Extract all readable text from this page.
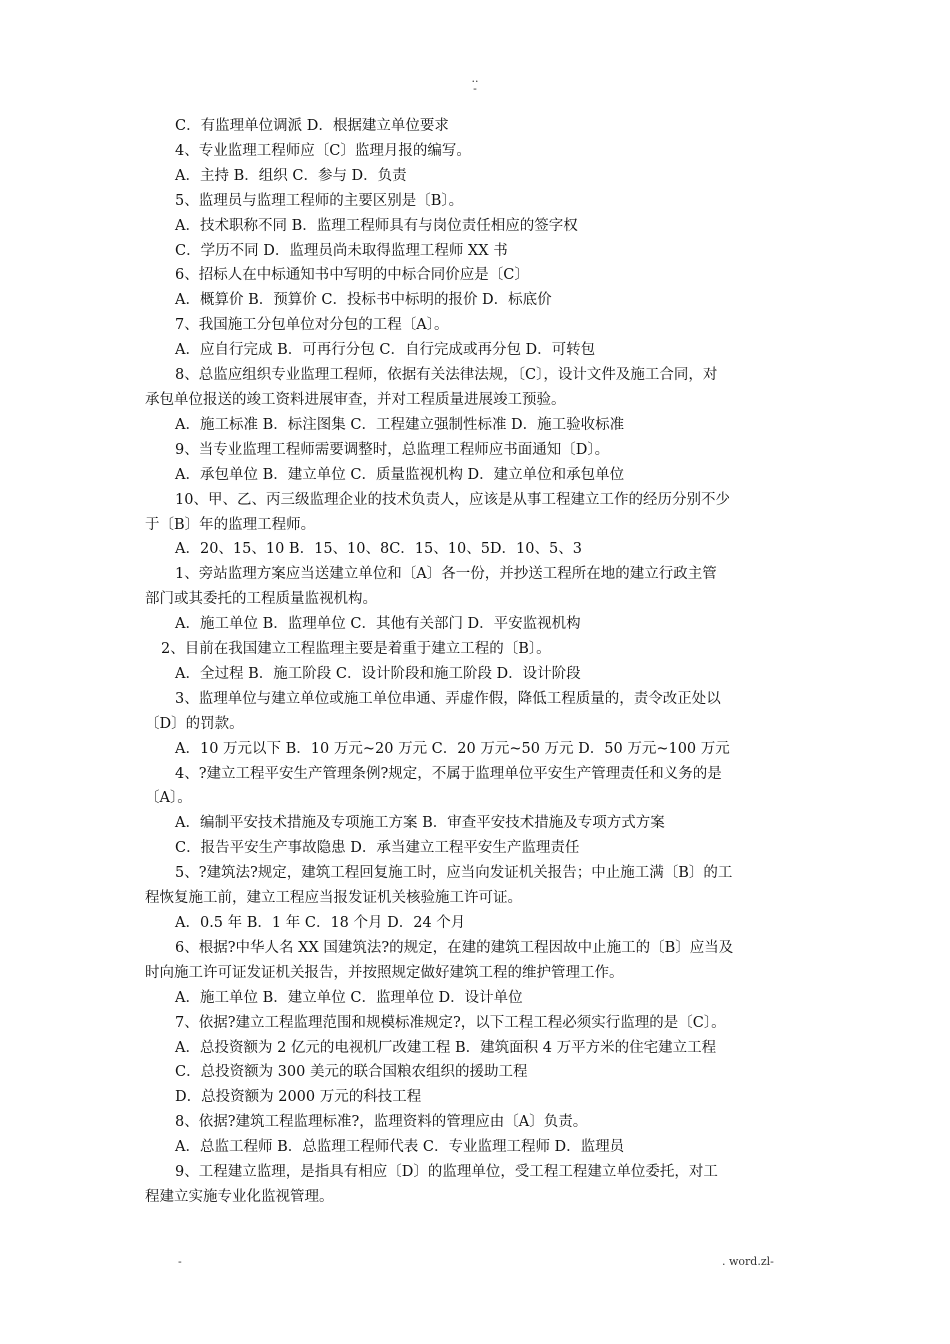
..
-

C．有监理单位调派 D．根据建立单位要求

4、专业监理工程师应〔C〕监理月报的编写。

A．主持 B．组织 C．参与 D．负责

5、监理员与监理工程师的主要区别是〔B〕。

A．技术职称不同 B．监理工程师具有与岗位责任相应的签字权

C．学历不同 D．监理员尚未取得监理工程师 XX 书

6、招标人在中标通知书中写明的中标合同价应是〔C〕

A．概算价 B．预算价 C．投标书中标明的报价 D．标底价

7、我国施工分包单位对分包的工程〔A〕。

A．应自行完成 B．可再行分包 C．自行完成或再分包 D．可转包

8、总监应组织专业监理工程师，依据有关法律法规，〔C〕，设计文件及施工合同，对

承包单位报送的竣工资料进展审查，并对工程质量进展竣工预验。

A．施工标准 B．标注图集 C．工程建立强制性标准 D．施工验收标准

9、当专业监理工程师需要调整时，总监理工程师应书面通知〔D〕。

A．承包单位 B．建立单位 C．质量监视机构 D．建立单位和承包单位

10、甲、乙、丙三级监理企业的技术负责人，应该是从事工程建立工作的经历分别不少

于〔B〕年的监理工程师。

A．20、15、10 B．15、10、8C．15、10、5D．10、5、3

1、旁站监理方案应当送建立单位和〔A〕各一份，并抄送工程所在地的建立行政主管

部门或其委托的工程质量监视机构。

A．施工单位 B．监理单位 C．其他有关部门 D．平安监视机构

2、目前在我国建立工程监理主要是着重于建立工程的〔B〕。

A．全过程 B．施工阶段 C．设计阶段和施工阶段 D．设计阶段

3、监理单位与建立单位或施工单位串通、弄虚作假，降低工程质量的，责令改正处以

〔D〕的罚款。

A．10 万元以下 B．10 万元~20 万元 C．20 万元~50 万元 D．50 万元~100 万元

4、?建立工程平安生产管理条例?规定，不属于监理单位平安生产管理责任和义务的是

〔A〕。

A．编制平安技术措施及专项施工方案 B．审查平安技术措施及专项方式方案

C．报告平安生产事故隐患 D．承当建立工程平安生产监理责任

5、?建筑法?规定，建筑工程回复施工时，应当向发证机关报告；中止施工满〔B〕的工

程恢复施工前，建立工程应当报发证机关核验施工许可证。

A．0.5 年 B．1 年 C．18 个月 D．24 个月

6、根据?中华人名 XX 国建筑法?的规定，在建的建筑工程因故中止施工的〔B〕应当及

时向施工许可证发证机关报告，并按照规定做好建筑工程的维护管理工作。

A．施工单位 B．建立单位 C．监理单位 D．设计单位

7、依据?建立工程监理范围和规模标准规定?，以下工程工程必须实行监理的是〔C〕。

A．总投资额为 2 亿元的电视机厂改建工程 B．建筑面积 4 万平方米的住宅建立工程

C．总投资额为 300 美元的联合国粮农组织的援助工程

D．总投资额为 2000 万元的科技工程

8、依据?建筑工程监理标准?，监理资料的管理应由〔A〕负责。

A．总监工程师 B．总监理工程师代表 C．专业监理工程师 D．监理员

9、工程建立监理，是指具有相应〔D〕的监理单位，受工程工程建立单位委托，对工

程建立实施专业化监视管理。

-	. word.zl-
